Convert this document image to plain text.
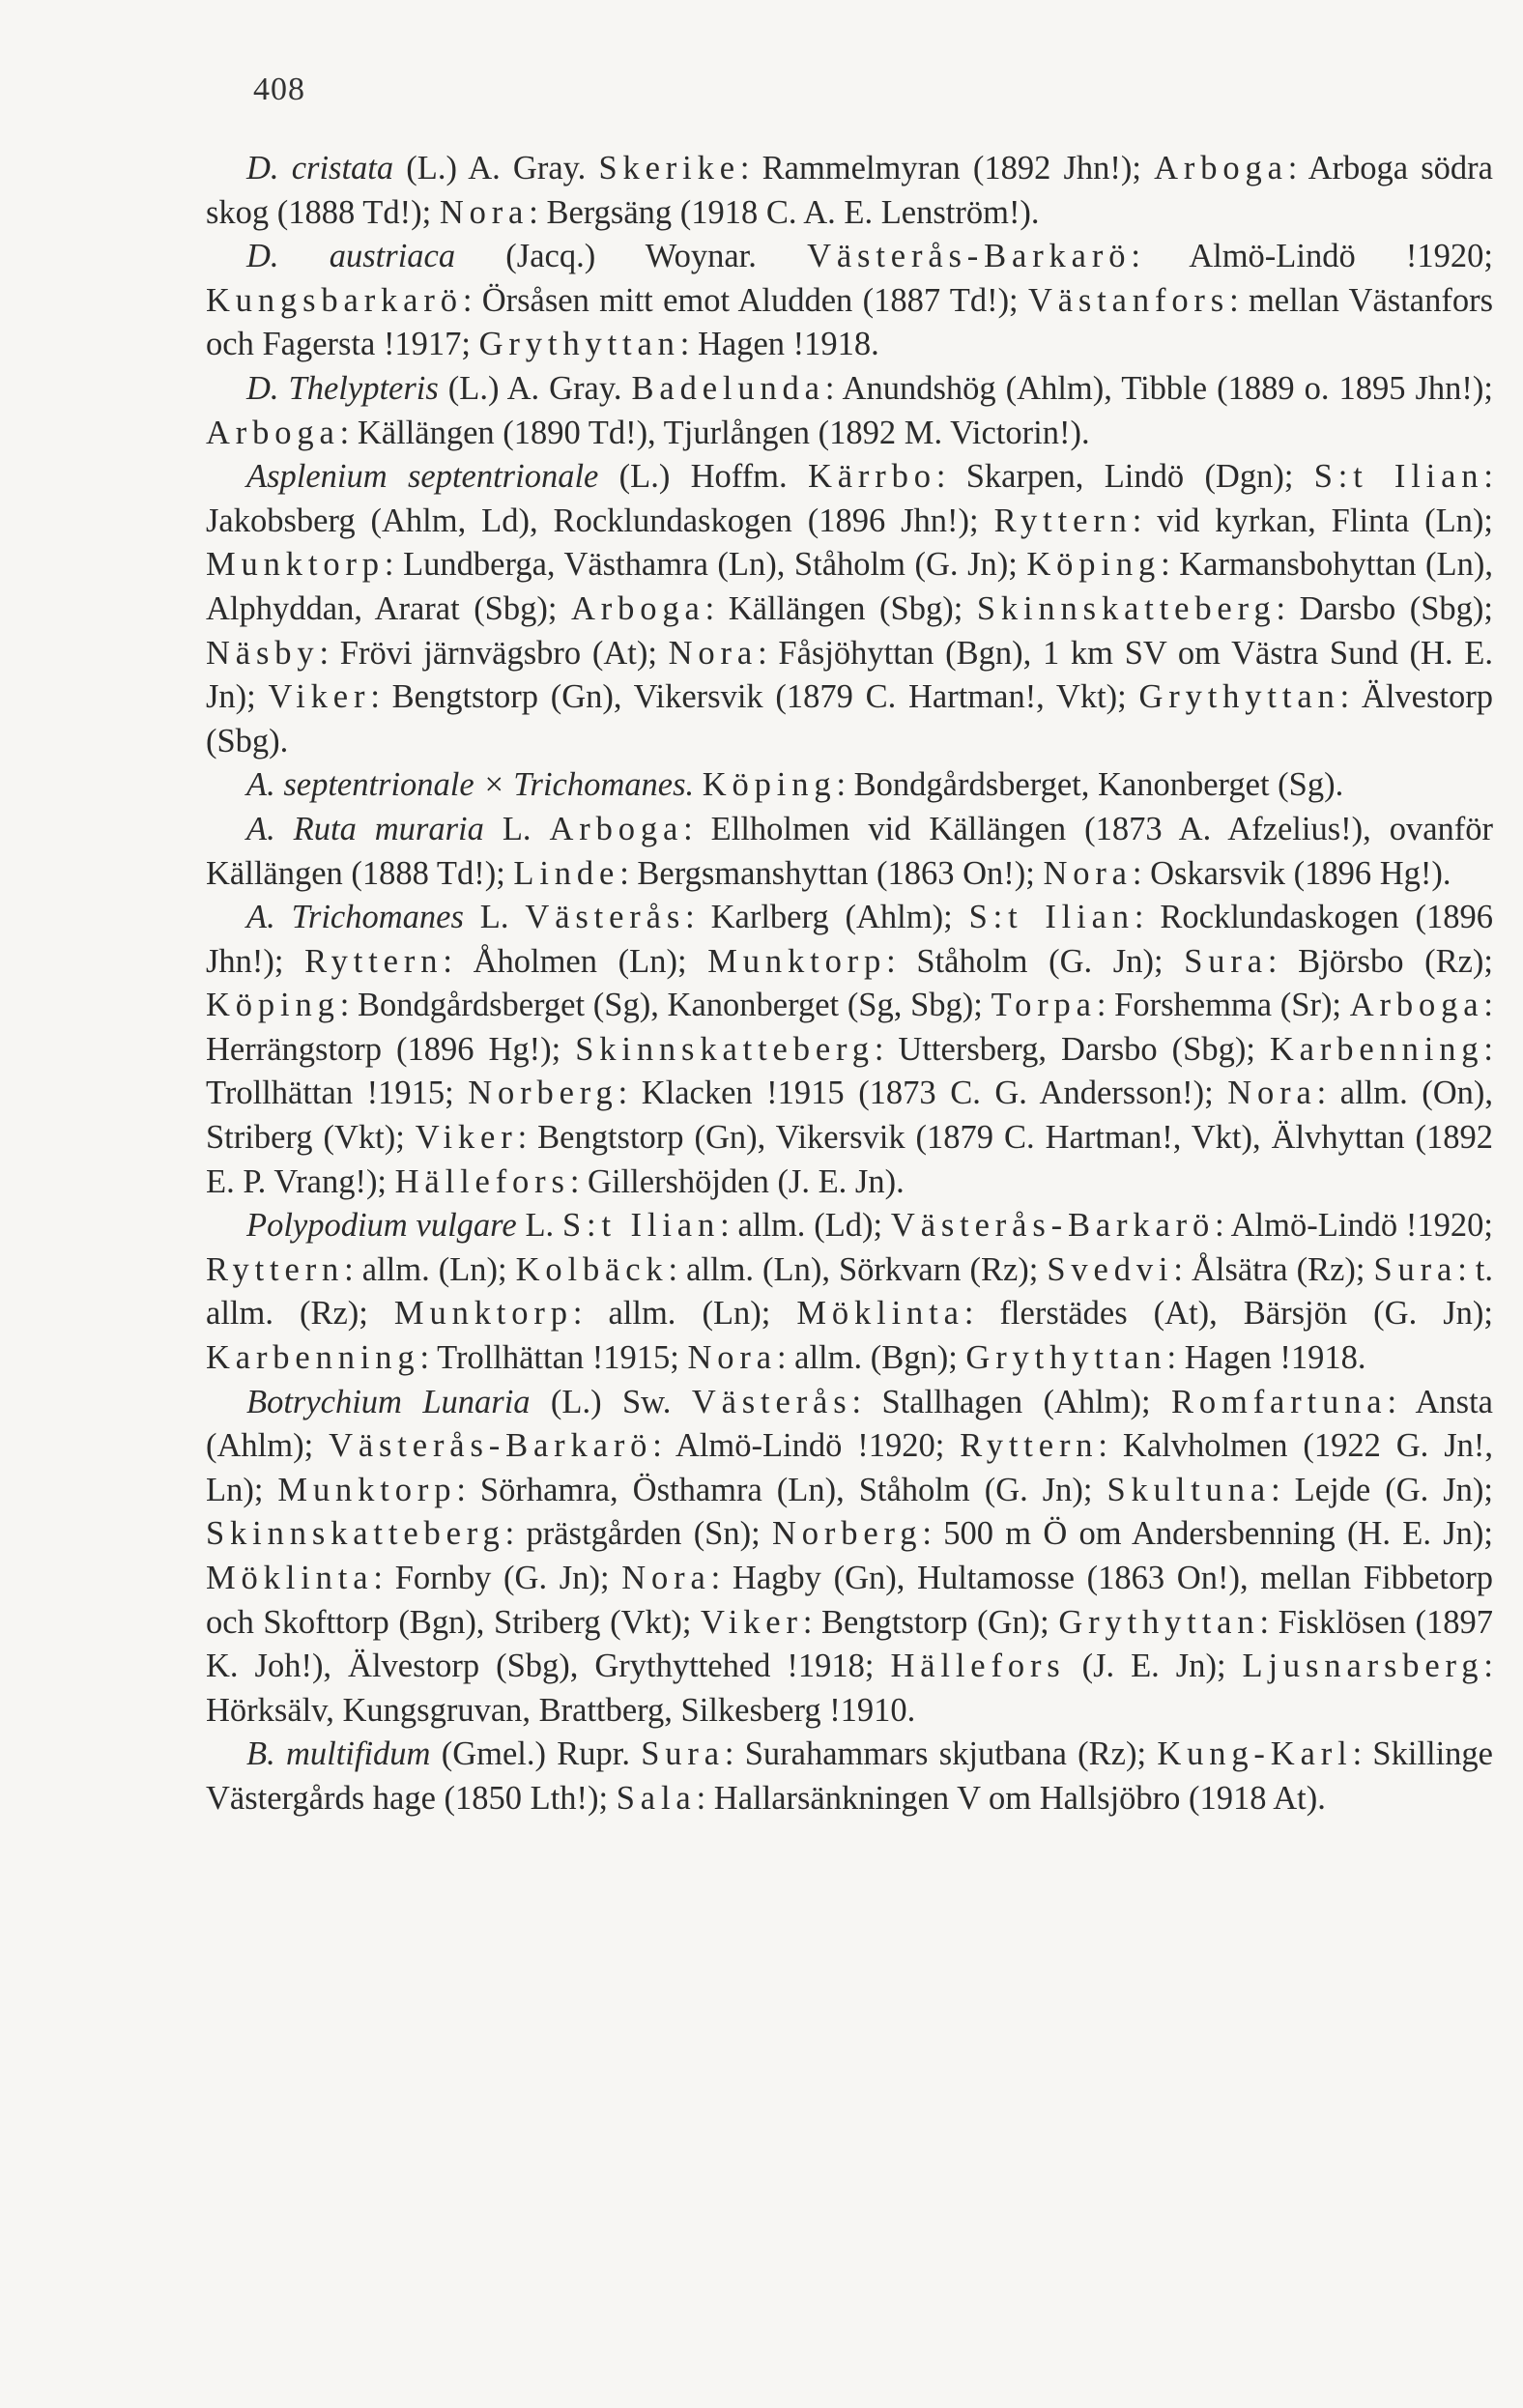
408

D. cristata (L.) A. Gray. Skerike: Rammelmyran (1892 Jhn!); Arboga: Arboga södra skog (1888 Td!); Nora: Bergsäng (1918 C. A. E. Lenström!).

D. austriaca (Jacq.) Woynar. Västerås-Barkarö: Almö-Lindö !1920; Kungsbarkarö: Örsåsen mitt emot Aludden (1887 Td!); Västanfors: mellan Västanfors och Fagersta !1917; Grythyttan: Hagen !1918.

D. Thelypteris (L.) A. Gray. Badelunda: Anundshög (Ahlm), Tibble (1889 o. 1895 Jhn!); Arboga: Källängen (1890 Td!), Tjurlången (1892 M. Victorin!).

Asplenium septentrionale (L.) Hoffm. Kärrbo: Skarpen, Lindö (Dgn); S:t Ilian: Jakobsberg (Ahlm, Ld), Rocklundaskogen (1896 Jhn!); Ryttern: vid kyrkan, Flinta (Ln); Munktorp: Lundberga, Västhamra (Ln), Ståholm (G. Jn); Köping: Karmansbohyttan (Ln), Alphyddan, Ararat (Sbg); Arboga: Källängen (Sbg); Skinnskatteberg: Darsbo (Sbg); Näsby: Frövi järnvägsbro (At); Nora: Fåsjöhyttan (Bgn), 1 km SV om Västra Sund (H. E. Jn); Viker: Bengtstorp (Gn), Vikersvik (1879 C. Hartman!, Vkt); Grythyttan: Älvestorp (Sbg).

A. septentrionale × Trichomanes. Köping: Bondgårdsberget, Kanonberget (Sg).

A. Ruta muraria L. Arboga: Ellholmen vid Källängen (1873 A. Afzelius!), ovanför Källängen (1888 Td!); Linde: Bergsmanshyttan (1863 On!); Nora: Oskarsvik (1896 Hg!).

A. Trichomanes L. Västerås: Karlberg (Ahlm); S:t Ilian: Rocklundaskogen (1896 Jhn!); Ryttern: Åholmen (Ln); Munktorp: Ståholm (G. Jn); Sura: Björsbo (Rz); Köping: Bondgårdsberget (Sg), Kanonberget (Sg, Sbg); Torpa: Forshemma (Sr); Arboga: Herrängstorp (1896 Hg!); Skinnskatteberg: Uttersberg, Darsbo (Sbg); Karbenning: Trollhättan !1915; Norberg: Klacken !1915 (1873 C. G. Andersson!); Nora: allm. (On), Striberg (Vkt); Viker: Bengtstorp (Gn), Vikersvik (1879 C. Hartman!, Vkt), Älvhyttan (1892 E. P. Vrang!); Hällefors: Gillershöjden (J. E. Jn).

Polypodium vulgare L. S:t Ilian: allm. (Ld); Västerås-Barkarö: Almö-Lindö !1920; Ryttern: allm. (Ln); Kolbäck: allm. (Ln), Sörkvarn (Rz); Svedvi: Ålsätra (Rz); Sura: t. allm. (Rz); Munktorp: allm. (Ln); Möklinta: flerstädes (At), Bärsjön (G. Jn); Karbenning: Trollhättan !1915; Nora: allm. (Bgn); Grythyttan: Hagen !1918.

Botrychium Lunaria (L.) Sw. Västerås: Stallhagen (Ahlm); Romfartuna: Ansta (Ahlm); Västerås-Barkarö: Almö-Lindö !1920; Ryttern: Kalvholmen (1922 G. Jn!, Ln); Munktorp: Sörhamra, Östhamra (Ln), Ståholm (G. Jn); Skultuna: Lejde (G. Jn); Skinnskatteberg: prästgården (Sn); Norberg: 500 m Ö om Andersbenning (H. E. Jn); Möklinta: Fornby (G. Jn); Nora: Hagby (Gn), Hultamosse (1863 On!), mellan Fibbetorp och Skofttorp (Bgn), Striberg (Vkt); Viker: Bengtstorp (Gn); Grythyttan: Fisklösen (1897 K. Joh!), Älvestorp (Sbg), Grythyttehed !1918; Hällefors (J. E. Jn); Ljusnarsberg: Hörksälv, Kungsgruvan, Brattberg, Silkesberg !1910.

B. multifidum (Gmel.) Rupr. Sura: Surahammars skjutbana (Rz); Kung-Karl: Skillinge Västergårds hage (1850 Lth!); Sala: Hallarsänkningen V om Hallsjöbro (1918 At).
